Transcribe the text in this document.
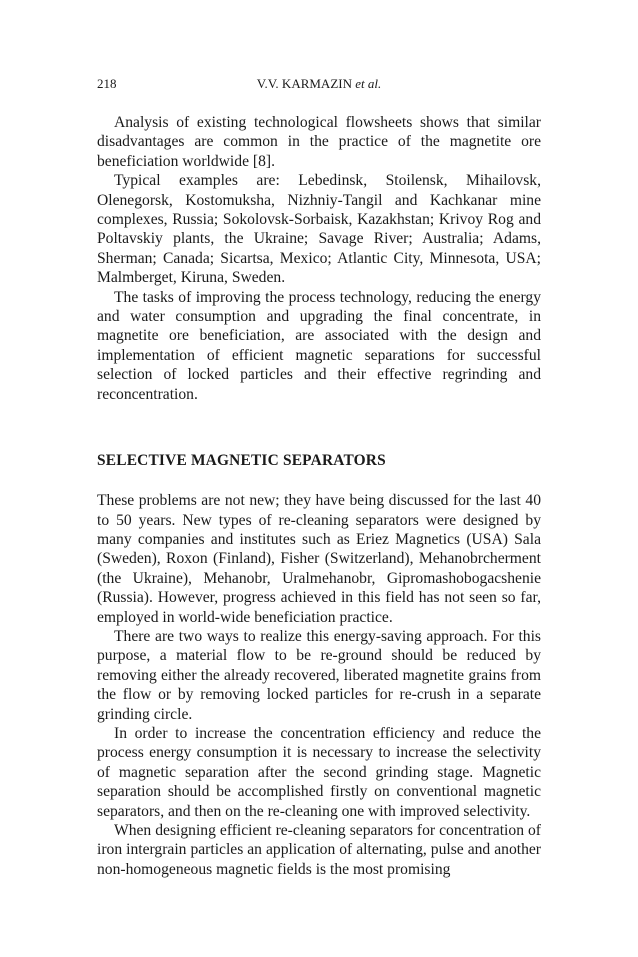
218	V.V. KARMAZIN et al.

Analysis of existing technological flowsheets shows that similar disadvantages are common in the practice of the magnetite ore beneficiation worldwide [8].

Typical examples are: Lebedinsk, Stoilensk, Mihailovsk, Olenegorsk, Kostomuksha, Nizhniy-Tangil and Kachkanar mine complexes, Russia; Sokolovsk-Sorbaisk, Kazakhstan; Krivoy Rog and Poltavskiy plants, the Ukraine; Savage River; Australia; Adams, Sherman; Canada; Sicartsa, Mexico; Atlantic City, Minnesota, USA; Malmberget, Kiruna, Sweden.

The tasks of improving the process technology, reducing the energy and water consumption and upgrading the final concentrate, in magnetite ore beneficiation, are associated with the design and implementation of efficient magnetic separations for successful selection of locked particles and their effective regrinding and reconcentration.

SELECTIVE MAGNETIC SEPARATORS

These problems are not new; they have being discussed for the last 40 to 50 years. New types of re-cleaning separators were designed by many companies and institutes such as Eriez Magnetics (USA) Sala (Sweden), Roxon (Finland), Fisher (Switzerland), Mehanobrcherment (the Ukraine), Mehanobr, Uralmehanobr, Gipromashobogacshenie (Russia). However, progress achieved in this field has not seen so far, employed in world-wide beneficiation practice.

There are two ways to realize this energy-saving approach. For this purpose, a material flow to be re-ground should be reduced by removing either the already recovered, liberated magnetite grains from the flow or by removing locked particles for re-crush in a separate grinding circle.

In order to increase the concentration efficiency and reduce the process energy consumption it is necessary to increase the selectivity of magnetic separation after the second grinding stage. Magnetic separation should be accomplished firstly on conventional magnetic separators, and then on the re-cleaning one with improved selectivity.

When designing efficient re-cleaning separators for concentration of iron intergrain particles an application of alternating, pulse and another non-homogeneous magnetic fields is the most promising
